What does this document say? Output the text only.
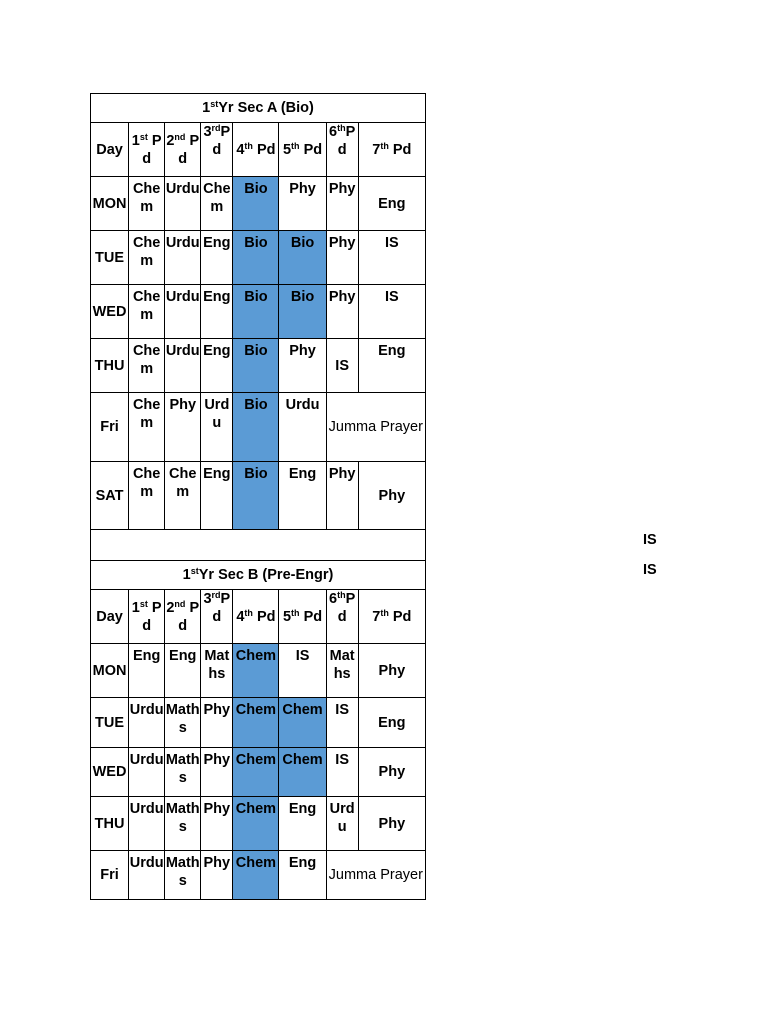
1stYr Sec A (Bio)							
Day	1st Pd	2nd Pd	3rdPd	4th Pd	5th Pd	6thPd	7th Pd
MON	Chem	Urdu	Chem	Bio	Phy	Phy	Eng
TUE	Chem	Urdu	Eng	Bio	Bio	Phy	IS
WED	Chem	Urdu	Eng	Bio	Bio	Phy	IS
THU	Chem	Urdu	Eng	Bio	Phy	IS	Eng
Fri	Chem	Phy	Urdu	Bio	Urdu	Jumma Prayer	
SAT	Chem	Chem	Eng	Bio	Eng	Phy	Phy

1stYr Sec B (Pre-Engr)							
Day	1st Pd	2nd Pd	3rdPd	4th Pd	5th Pd	6thPd	7th Pd
MON	Eng	Eng	Maths	Chem	IS	Maths	Phy
TUE	Urdu	Maths	Phy	Chem	Chem	IS	Eng
WED	Urdu	Maths	Phy	Chem	Chem	IS	Phy
THU	Urdu	Maths	Phy	Chem	Eng	Urdu	Phy
Fri	Urdu	Maths	Phy	Chem	Eng	Jumma Prayer	
IS
IS
